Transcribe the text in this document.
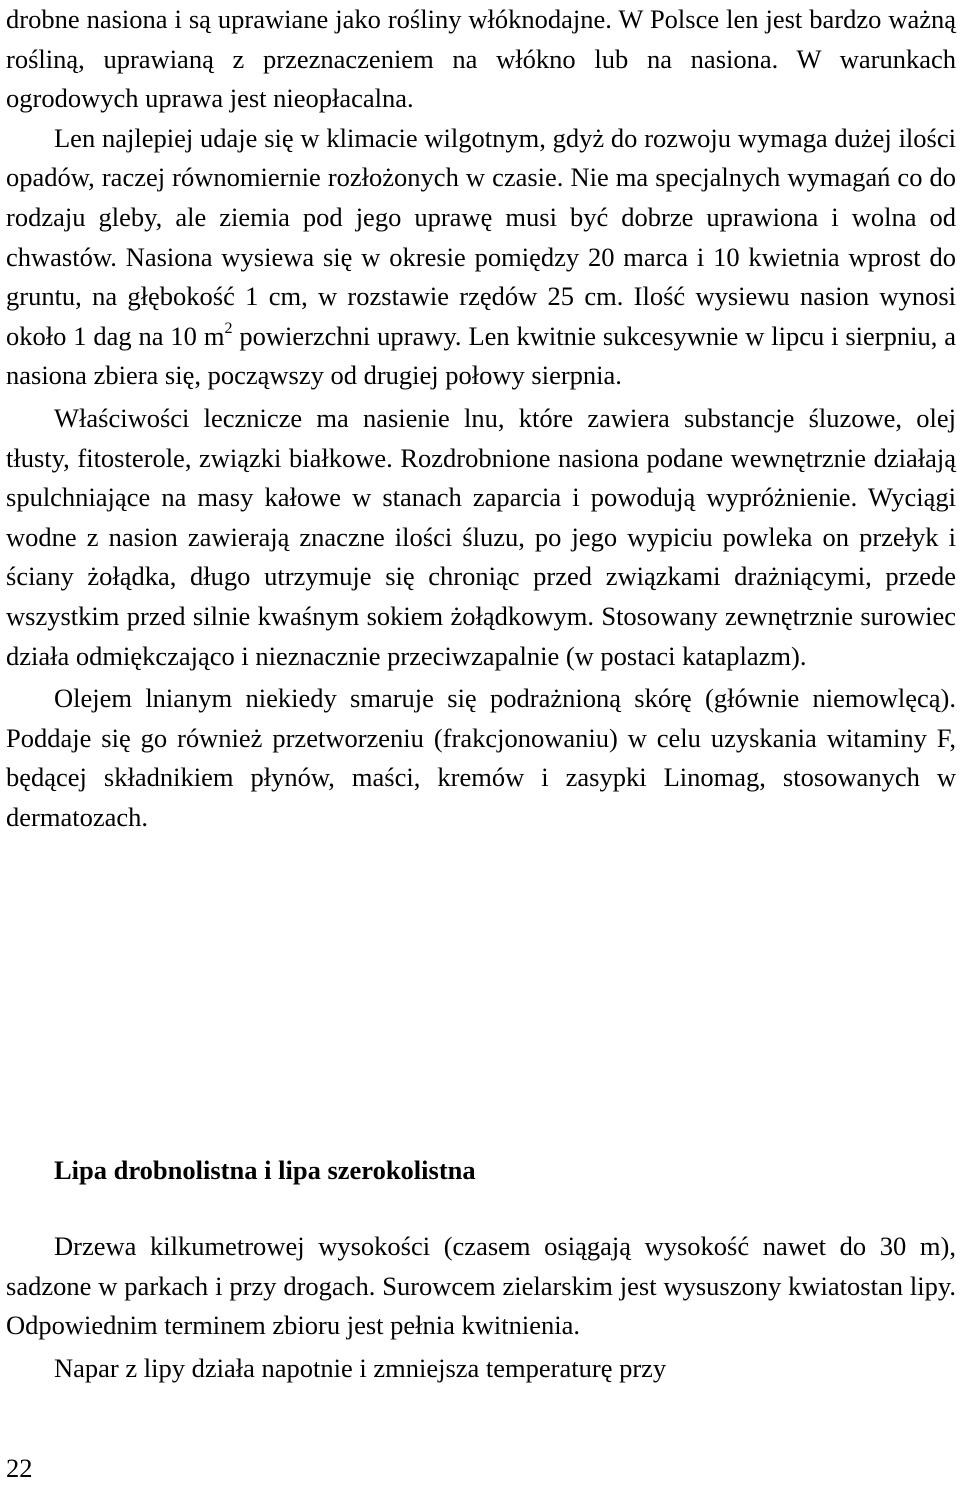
drobne nasiona i są uprawiane jako rośliny włóknodajne. W Polsce len jest bardzo ważną rośliną, uprawianą z przeznaczeniem na włókno lub na nasiona. W warunkach ogrodowych uprawa jest nieopłacalna.

Len najlepiej udaje się w klimacie wilgotnym, gdyż do rozwoju wymaga dużej ilości opadów, raczej równomiernie rozłożonych w czasie. Nie ma specjalnych wymagań co do rodzaju gleby, ale ziemia pod jego uprawę musi być dobrze uprawiona i wolna od chwastów. Nasiona wysiewa się w okresie pomiędzy 20 marca i 10 kwietnia wprost do gruntu, na głębokość 1 cm, w rozstawie rzędów 25 cm. Ilość wysiewu nasion wynosi około 1 dag na 10 $m^2$ powierzchni uprawy. Len kwitnie sukcesywnie w lipcu i sierpniu, a nasiona zbiera się, począwszy od drugiej połowy sierpnia.

Właściwości lecznicze ma nasienie lnu, które zawiera substancje śluzowe, olej tłusty, fitosterole, związki białkowe. Rozdrobnione nasiona podane wewnętrznie działają spulchniające na masy kałowe w stanach zaparcia i powodują wypróżnienie. Wyciągi wodne z nasion zawierają znaczne ilości śluzu, po jego wypiciu powleka on przełyk i ściany żołądka, długo utrzymuje się chroniąc przed związkami drażniącymi, przede wszystkim przed silnie kwaśnym sokiem żołądkowym. Stosowany zewnętrznie surowiec działa odmiękczająco i nieznacznie przeciwzapalnie (w postaci kataplazm).

Olejem lnianym niekiedy smaruje się podrażnioną skórę (głównie niemowlęcą). Poddaje się go również przetworzeniu (frakcjonowaniu) w celu uzyskania witaminy F, będącej składnikiem płynów, maści, kremów i zasypki Linomag, stosowanych w dermatozach.

Lipa drobnolistna i lipa szerokolistna

Drzewa kilkumetrowej wysokości (czasem osiągają wysokość nawet do 30 m), sadzone w parkach i przy drogach. Surowcem zielarskim jest wysuszony kwiatostan lipy. Odpowiednim terminem zbioru jest pełnia kwitnienia.

Napar z lipy działa napotnie i zmniejsza temperaturę przy

22
